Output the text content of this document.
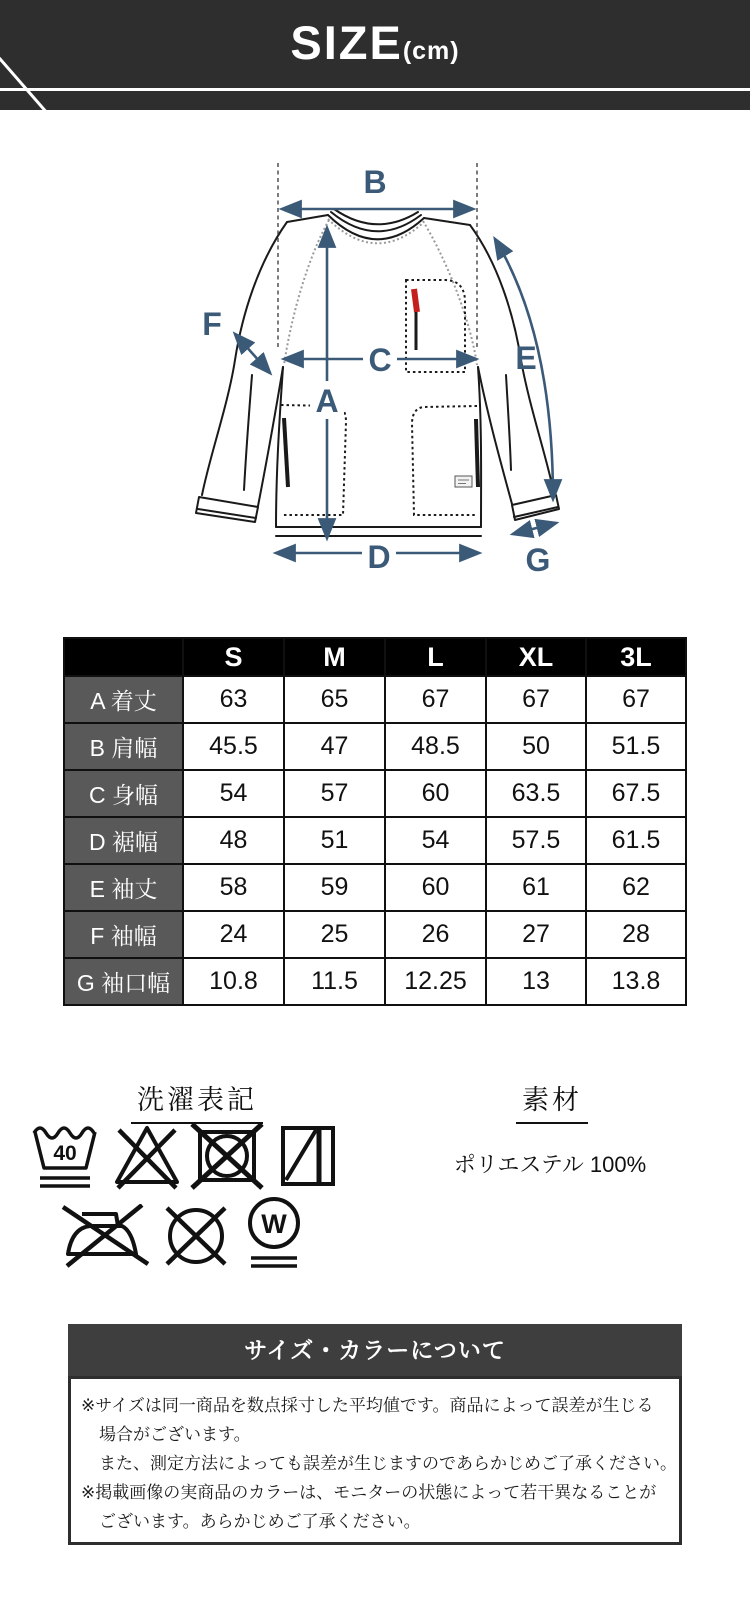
SIZE (cm)
B
A
C
D
F
E
G
	S	M	L	XL	3L
A 着丈	63	65	67	67	67
B 肩幅	45.5	47	48.5	50	51.5
C 身幅	54	57	60	63.5	67.5
D 裾幅	48	51	54	57.5	61.5
E 袖丈	58	59	60	61	62
F 袖幅	24	25	26	27	28
G 袖口幅	10.8	11.5	12.25	13	13.8
洗濯表記	素材
ポリエステル 100%
40
W
サイズ・カラーについて
※サイズは同一商品を数点採寸した平均値です。商品によって誤差が生じる
場合がございます。
また、測定方法によっても誤差が生じますのであらかじめご了承ください。
※掲載画像の実商品のカラーは、モニターの状態によって若干異なることが
ございます。あらかじめご了承ください。
